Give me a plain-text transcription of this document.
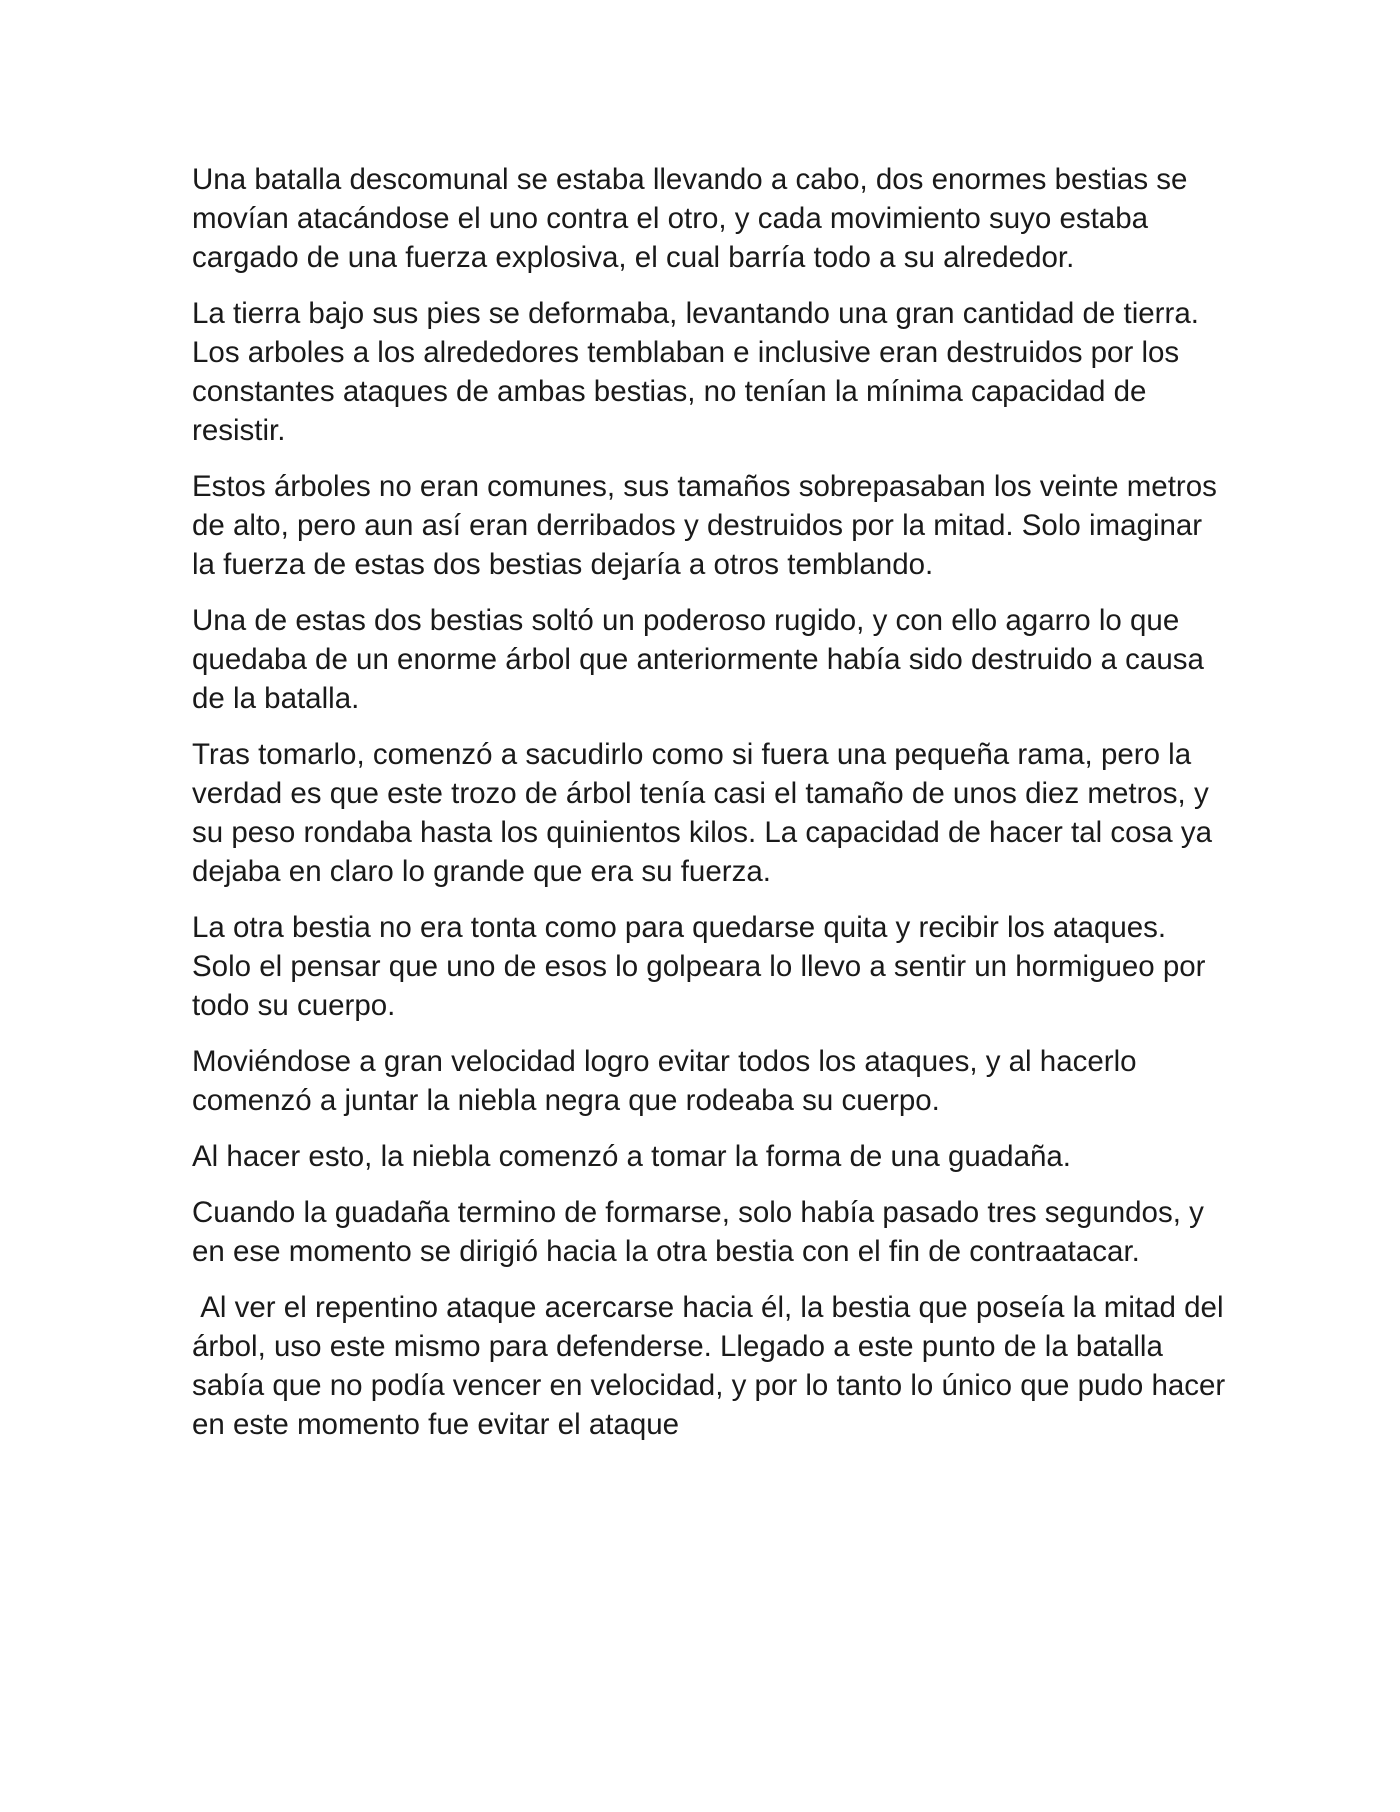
Una batalla descomunal se estaba llevando a cabo, dos enormes bestias se movían atacándose el uno contra el otro, y cada movimiento suyo estaba cargado de una fuerza explosiva, el cual barría todo a su alrededor.

La tierra bajo sus pies se deformaba, levantando una gran cantidad de tierra. Los arboles a los alrededores temblaban e inclusive eran destruidos por los constantes ataques de ambas bestias, no tenían la mínima capacidad de resistir.

Estos árboles no eran comunes, sus tamaños sobrepasaban los veinte metros de alto, pero aun así eran derribados y destruidos por la mitad. Solo imaginar la fuerza de estas dos bestias dejaría a otros temblando.

Una de estas dos bestias soltó un poderoso rugido, y con ello agarro lo que quedaba de un enorme árbol que anteriormente había sido destruido a causa de la batalla.

Tras tomarlo, comenzó a sacudirlo como si fuera una pequeña rama, pero la verdad es que este trozo de árbol tenía casi el tamaño de unos diez metros, y su peso rondaba hasta los quinientos kilos. La capacidad de hacer tal cosa ya dejaba en claro lo grande que era su fuerza.

La otra bestia no era tonta como para quedarse quita y recibir los ataques. Solo el pensar que uno de esos lo golpeara lo llevo a sentir un hormigueo por todo su cuerpo.

Moviéndose a gran velocidad logro evitar todos los ataques, y al hacerlo comenzó a juntar la niebla negra que rodeaba su cuerpo.

Al hacer esto, la niebla comenzó a tomar la forma de una guadaña.

Cuando la guadaña termino de formarse, solo había pasado tres segundos, y en ese momento se dirigió hacia la otra bestia con el fin de contraatacar.

Al ver el repentino ataque acercarse hacia él, la bestia que poseía la mitad del árbol, uso este mismo para defenderse. Llegado a este punto de la batalla sabía que no podía vencer en velocidad, y por lo tanto lo único que pudo hacer en este momento fue evitar el ataque
